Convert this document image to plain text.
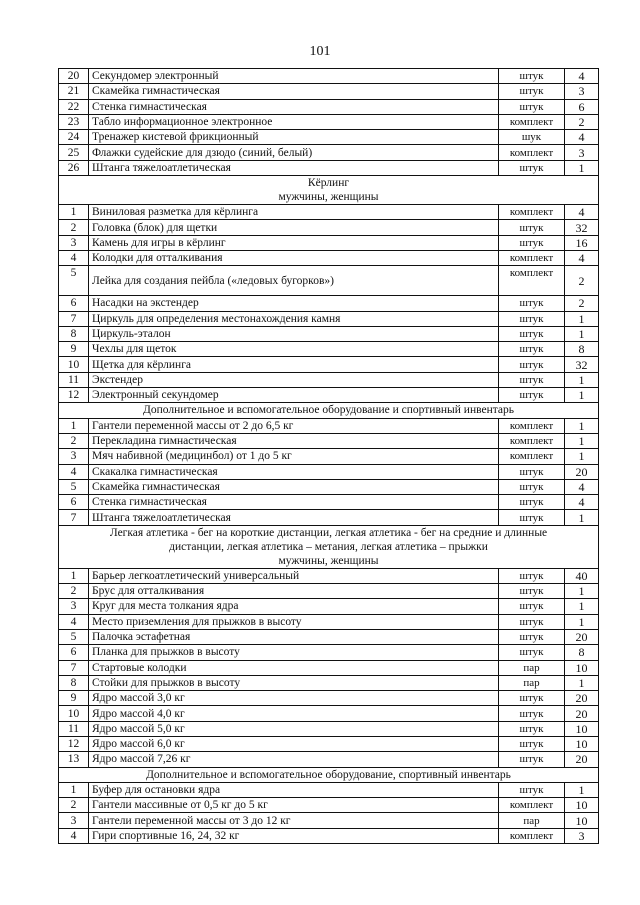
101
20	Секундомер электронный	штук	4
21	Скамейка гимнастическая	штук	3
22	Стенка гимнастическая	штук	6
23	Табло информационное электронное	комплект	2
24	Тренажер кистевой фрикционный	шук	4
25	Флажки судейские для дзюдо (синий, белый)	комплект	3
26	Штанга тяжелоатлетическая	штук	1

Кёрлинг
мужчины, женщины			

1	Виниловая разметка для кёрлинга	комплект	4
2	Головка (блок) для щетки	штук	32
3	Камень для игры в кёрлинг	штук	16
4	Колодки для отталкивания	комплект	4
5	Лейка для создания пейбла («ледовых бугорков»)	комплект	2
6	Насадки на экстендер	штук	2
7	Циркуль для определения местонахождения камня	штук	1
8	Циркуль-эталон	штук	1
9	Чехлы для щеток	штук	8
10	Щетка для кёрлинга	штук	32
11	Экстендер	штук	1
12	Электронный секундомер	штук	1

Дополнительное и вспомогательное оборудование и спортивный инвентарь			

1	Гантели переменной массы от 2 до 6,5 кг	комплект	1
2	Перекладина гимнастическая	комплект	1
3	Мяч набивной (медицинбол) от 1 до 5 кг	комплект	1
4	Скакалка гимнастическая	штук	20
5	Скамейка гимнастическая	штук	4
6	Стенка гимнастическая	штук	4
7	Штанга тяжелоатлетическая	штук	1

Легкая атлетика - бег на короткие дистанции, легкая атлетика - бег на средние и длинные
дистанции, легкая атлетика – метания, легкая атлетика – прыжки
мужчины, женщины			

1	Барьер легкоатлетический универсальный	штук	40
2	Брус для отталкивания	штук	1
3	Круг для места толкания ядра	штук	1
4	Место приземления для прыжков в высоту	штук	1
5	Палочка эстафетная	штук	20
6	Планка для прыжков в высоту	штук	8
7	Стартовые колодки	пар	10
8	Стойки для прыжков в высоту	пар	1
9	Ядро массой 3,0 кг	штук	20
10	Ядро массой 4,0 кг	штук	20
11	Ядро массой 5,0 кг	штук	10
12	Ядро массой 6,0 кг	штук	10
13	Ядро массой 7,26 кг	штук	20

Дополнительное и вспомогательное оборудование, спортивный инвентарь			

1	Буфер для остановки ядра	штук	1
2	Гантели массивные от 0,5 кг до 5 кг	комплект	10
3	Гантели переменной массы от 3 до 12 кг	пар	10
4	Гири спортивные 16, 24, 32 кг	комплект	3
